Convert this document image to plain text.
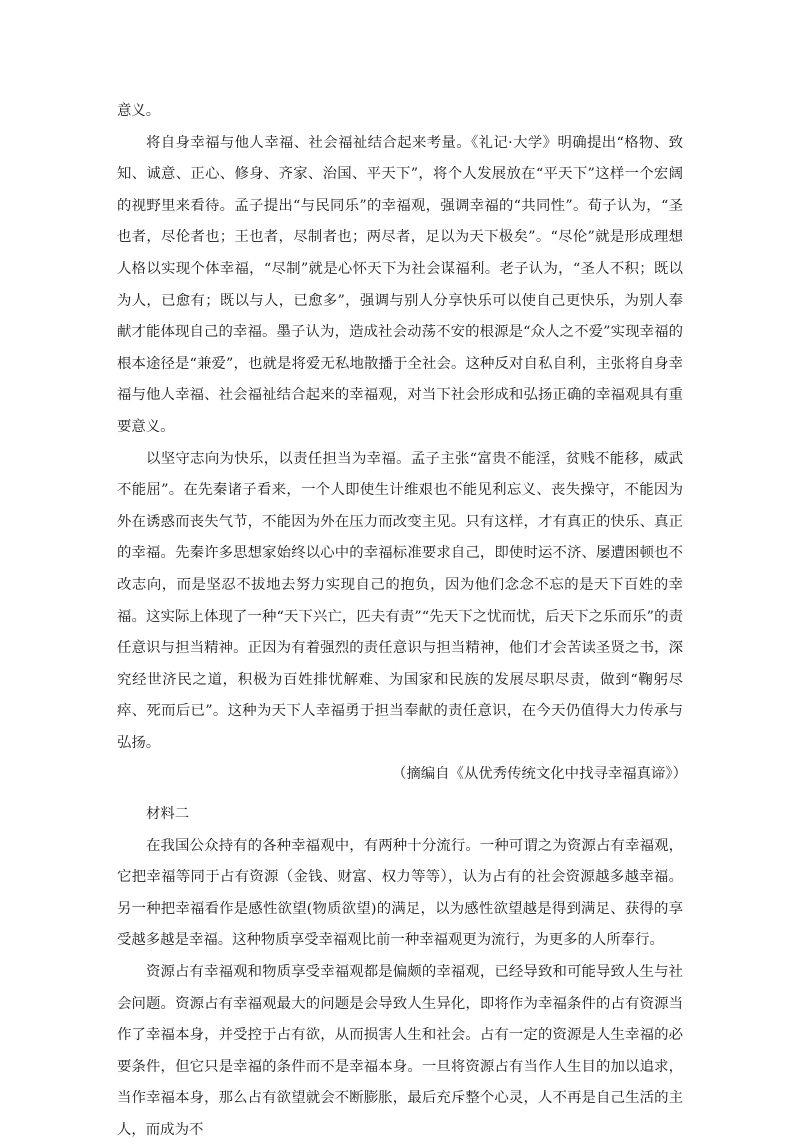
意义。

将自身幸福与他人幸福、社会福祉结合起来考量。《礼记·大学》明确提出“格物、致知、诚意、正心、修身、齐家、治国、平天下”，将个人发展放在“平天下”这样一个宏阔的视野里来看待。孟子提出“与民同乐”的幸福观，强调幸福的“共同性”。荀子认为，“圣也者，尽伦者也；王也者，尽制者也；两尽者，足以为天下极矣”。“尽伦”就是形成理想人格以实现个体幸福，“尽制”就是心怀天下为社会谋福利。老子认为，“圣人不积；既以为人，已愈有；既以与人，已愈多”，强调与别人分享快乐可以使自己更快乐，为别人奉献才能体现自己的幸福。墨子认为，造成社会动荡不安的根源是“众人之不爱”实现幸福的根本途径是“兼爱”，也就是将爱无私地散播于全社会。这种反对自私自利，主张将自身幸福与他人幸福、社会福祉结合起来的幸福观，对当下社会形成和弘扬正确的幸福观具有重要意义。

以坚守志向为快乐，以责任担当为幸福。孟子主张“富贵不能淫，贫贱不能移，威武不能屈”。在先秦诸子看来，一个人即使生计维艰也不能见利忘义、丧失操守，不能因为外在诱惑而丧失气节，不能因为外在压力而改变主见。只有这样，才有真正的快乐、真正的幸福。先秦许多思想家始终以心中的幸福标准要求自己，即使时运不济、屡遭困顿也不改志向，而是坚忍不拔地去努力实现自己的抱负，因为他们念念不忘的是天下百姓的幸福。这实际上体现了一种“天下兴亡，匹夫有责”“先天下之忧而忧，后天下之乐而乐”的责任意识与担当精神。正因为有着强烈的责任意识与担当精神，他们才会苦读圣贤之书，深究经世济民之道，积极为百姓排忧解难、为国家和民族的发展尽职尽责，做到“鞠躬尽瘁、死而后已”。这种为天下人幸福勇于担当奉献的责任意识，在今天仍值得大力传承与弘扬。

（摘编自《从优秀传统文化中找寻幸福真谛》）

材料二

在我国公众持有的各种幸福观中，有两种十分流行。一种可谓之为资源占有幸福观，它把幸福等同于占有资源（金钱、财富、权力等等），认为占有的社会资源越多越幸福。另一种把幸福看作是感性欲望(物质欲望)的满足，以为感性欲望越是得到满足、获得的享受越多越是幸福。这种物质享受幸福观比前一种幸福观更为流行，为更多的人所奉行。

资源占有幸福观和物质享受幸福观都是偏颇的幸福观，已经导致和可能导致人生与社会问题。资源占有幸福观最大的问题是会导致人生异化，即将作为幸福条件的占有资源当作了幸福本身，并受控于占有欲，从而损害人生和社会。占有一定的资源是人生幸福的必要条件，但它只是幸福的条件而不是幸福本身。一旦将资源占有当作人生目的加以追求，当作幸福本身，那么占有欲望就会不断膨胀，最后充斥整个心灵，人不再是自己生活的主人，而成为不
